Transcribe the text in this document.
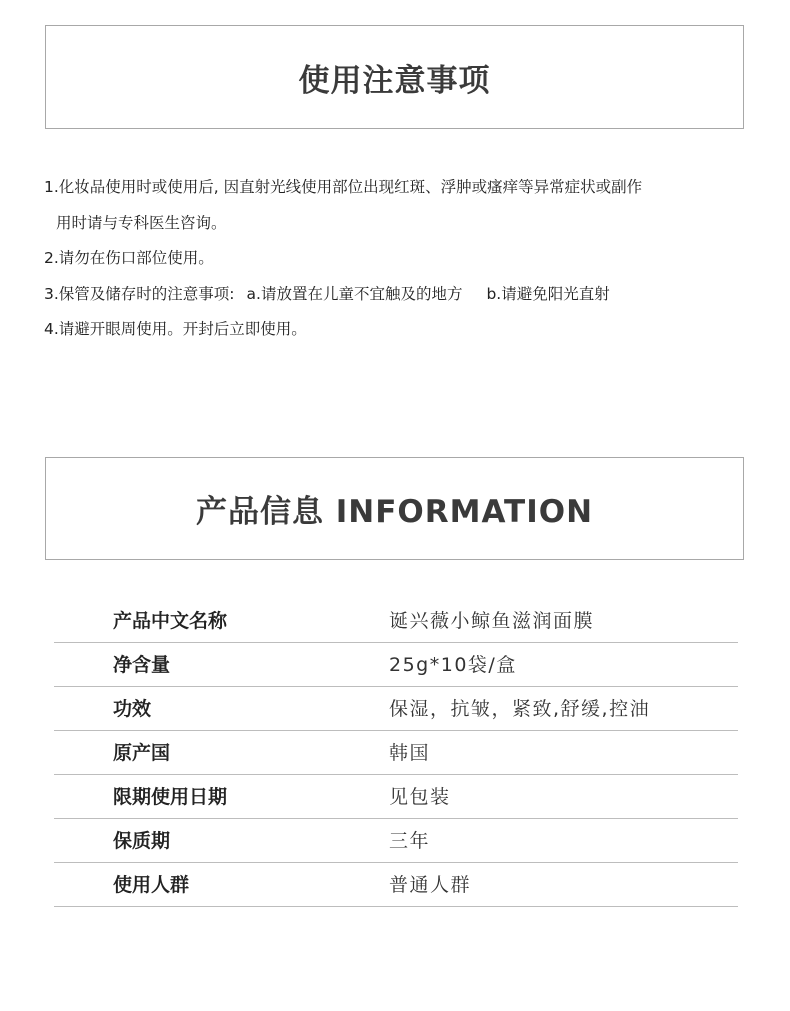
使用注意事项
1.化妆品使用时或使用后, 因直射光线使用部位出现红斑、浮肿或瘙痒等异常症状或副作
用时请与专科医生咨询。
2.请勿在伤口部位使用。
3.保管及储存时的注意事项: a.请放置在儿童不宜触及的地方 b.请避免阳光直射
4.请避开眼周使用。开封后立即使用。
产品信息 INFORMATION
产品中文名称	诞兴薇小鲸鱼滋润面膜
净含量	25g*10袋/盒
功效	保湿，抗皱，紧致,舒缓,控油
原产国	韩国
限期使用日期	见包装
保质期	三年
使用人群	普通人群
